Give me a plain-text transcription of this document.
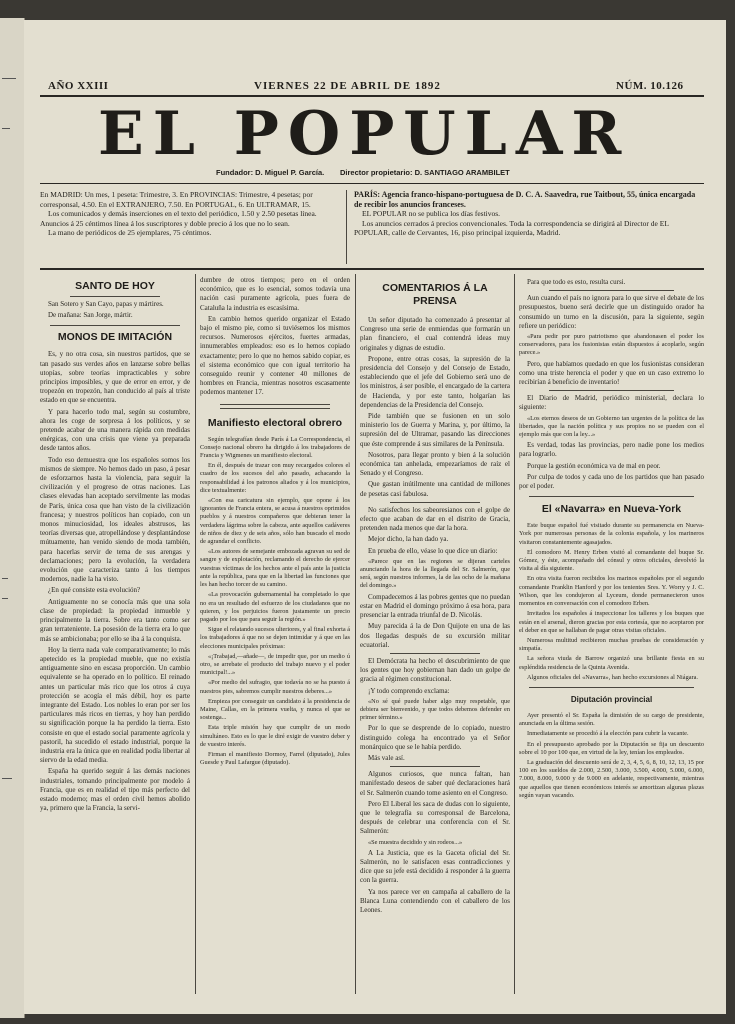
AÑO XXIII	VIERNES 22 DE ABRIL DE 1892	NÚM. 10.126
EL POPULAR
Fundador: D. Miguel P. García. Director propietario: D. SANTIAGO ARAMBILET

En MADRID: Un mes, 1 peseta: Trimestre, 3. En PROVINCIAS: Trimestre, 4 pesetas; por corresponsal, 4.50. En el EXTRANJERO, 7.50. En PORTUGAL, 6. En ULTRAMAR, 15.

Los comunicados y demás inserciones en el texto del periódico, 1.50 y 2.50 pesetas línea. Anuncios á 25 céntimos línea á los suscriptores y doble precio á los que no lo sean.

La mano de periódicos de 25 ejemplares, 75 céntimos.

PARÍS: Agencia franco-hispano-portuguesa de D. C. A. Saavedra, rue Taitbout, 55, única encargada de recibir los anuncios franceses.

EL POPULAR no se publica los días festivos.

Los anuncios cerrados á precios convencionales. Toda la correspondencia se dirigirá al Director de EL POPULAR, calle de Cervantes, 16, piso principal izquierda, Madrid.

SANTO DE HOY

San Sotero y San Cayo, papas y mártires.

De mañana: San Jorge, mártir.

MONOS DE IMITACIÓN

Es, y no otra cosa, sin nuestros partidos, que se tan pasado sus verdes años en lanzarse sobre bellas utopías, sobre teorías impracticables y sobre principios imposibles, y que de error en error, y de tropezón en tropezón, han conducido al país al triste estado en que se encuentra.

Y para hacerlo todo mal, según su costumbre, ahora les coge de sorpresa á los políticos, y se pretende acabar de una manera rápida con medidas enérgicas, con una crisis que viene ya preparada desde tantos años.

Todo eso demuestra que los españoles somos los mismos de siempre. No hemos dado un paso, á pesar de esforzarnos hasta la violencia, para seguir la civilización y el progreso de otras naciones. Las clases elevadas han aceptado servilmente las modas de París, única cosa que han visto de la civilización francesa; y nuestros políticos han copiado, con un monos minuciosidad, los ideales abstrusos, las teorías diversas que, atropellándose y desplantándose mútuamente, han venido siendo de moda también, para hacerlas servir de tema de sus arengas y declamaciones; pero la evolución, la verdadera evolución que caracteriza tanto á los tiempos modernos, nadie la ha visto.

¿En qué consiste esta evolución?

Antiguamente no se conocía más que una sola clase de propiedad: la propiedad inmueble y principalmente la tierra. Sobre era tanto como ser gran terrateniente. La posesión de la tierra era lo que más se ambicionaba; por ello se iba á la conquista.

Hoy la tierra nada vale comparativamente; lo más apetecido es la propiedad mueble, que no existía antiguamente sino en escasa proporción. Un cambio equivalente se ha operado en lo político. El reinado antes un particular más rico que los otros á cuya protección se acogía el más débil, hoy es parte integrante del Estado. Los nobles lo eran por ser los particulares más ricos en tierras, y hoy han perdido su significación porque la ha perdido la tierra. Esto consiste en que el estado social paramente agrícola y pastoril, ha sucedido el estado industrial, porque la industria era la única que en realidad podía libertar al siervo de la edad media.

España ha querido seguir á las demás naciones industriales, tomando principalmente por modelo á Francia, que es en realidad el tipo más perfecto del estado moderno; mas el orden civil hemos abolido ya, primero que la Francia, la servi-

dumbre de otros tiempos; pero en el orden económico, que es lo esencial, somos todavía una nación casi puramente agrícola, pues fuera de Cataluña la industria es escasísima.

En cambio hemos querido organizar el Estado bajo el mismo pie, como si tuviésemos los mismos recursos. Numerosos ejércitos, fuertes armadas, innumerables empleados: eso es lo hemos copiado exactamente; pero lo que no hemos sabido copiar, es el sistema económico que con igual territorio ha conseguido reunir y contener 40 millones de hombres en Francia, mientras nosotros escasamente podemos mantener 17.

Manifiesto electoral obrero

Según telegrafían desde París á La Correspondencia, el Consejo nacional obrero ha dirigido á los trabajadores de Francia y Wigmenes un manifiesto electoral.

En él, después de trazar con muy recargados colores el cuadro de los sucesos del año pasado, achacando la responsabilidad á los patronos aliados y á los municipios, dice textualmente:

«Con esa caricatura sin ejemplo, que opone á los ignorantes de Francia entera, se acusa á nuestros oprimidos pueblos y á nuestros compañeros que debieran tener la verdadera lágrima sobre la cabeza, ante aquellos cadáveres de niños de diez y de seis años, sólo han buscado el modo de agrandar el conflicto.

«Los autores de semejante embozada agravan su sed de sangre y de explotación, reclamando el derecho de ejercer vuestras víctimas de los hechos ante el país ante la justicia ante la república, para que en la libertad las funciones que les han hecho torcer de su camino.

«La provocación gubernamental ha completado lo que no era un resultado del esfuerzo de los ciudadanos que no quieren, y los perjuicios fueron justamente un precio pagado por los que para seguir la región.»

Sigue el relatando sucesos ulteriores, y al final exhorta á los trabajadores á que no se dejen intimidar y á que en las elecciones municipales próximas:

«¡Trabajad,—añade—, de impedir que, por un medio ú otro, se arrebate el producto del trabajo nuevo y el poder municipal!...»

«Por medio del sufragio, que todavía no se ha puesto á nuestros pies, sabremos cumplir nuestros deberes...»

Empieza por conseguir un candidato á la presidencia de Maine, Callas, en la primera vuelta, y nunca el que se sostenga...

Esta triple misión hay que cumplir de un modo simultáneo. Esto es lo que le diré exigir de vuestro deber y de vuestro interés.

Firman el manifiesto Dormoy, Farrel (diputado), Jules Guesde y Paul Lafargue (diputado).

COMENTARIOS Á LA PRENSA

Un señor diputado ha comenzado á presentar al Congreso una serie de enmiendas que formarán un plan financiero, el cual contendrá ideas muy originales y dignas de estudio.

Propone, entre otras cosas, la supresión de la presidencia del Consejo y del Consejo de Estado, estableciendo que el jefe del Gobierno será uno de los ministros, á ser posible, el encargado de la cartera de Hacienda, y por este tanto, holgarían las dependencias de la Presidencia del Consejo.

Pide también que se fusionen en un solo ministerio los de Guerra y Marina, y, por último, la supresión del de Ultramar, pasando las direcciones que éste comprende á sus similares de la Península.

Nosotros, para llegar pronto y bien á la solución económica tan anhelada, empezaríamos de raíz el Senado y el Congreso.

Que gastan inútilmente una cantidad de millones de pesetas casi fabulosa.

No satisfechos los sabeoresianos con el golpe de efecto que acaban de dar en el distrito de Gracia, pretenden nada menos que dar la hora.

Mejor dicho, la han dado ya.

En prueba de ello, véase lo que dice un diario:

«Parece que en las regiones se dijeran carteles anunciando la hora de la llegada del Sr. Salmerón, que será, según nuestros informes, la de las ocho de la mañana del domingo.»

Compadecemos á las pobres gentes que no puedan estar en Madrid el domingo próximo á esa hora, para presenciar la entrada triunfal de D. Nicolás.

Muy parecida á la de Don Quijote en una de las dos llegadas después de su excursión militar ecuatorial.

El Demócrata ha hecho el descubrimiento de que los gentes que hoy gobiernan han dado un golpe de gracia al régimen constitucional.

¡Y todo comprendo exclama:

«No sé qué puede haber algo muy respetable, que debiera ser bienvenido, y que todos debemos defender en primer término.»

Por lo que se desprende de lo copiado, nuestro distinguido colega ha encontrado ya el Señor monárquico que se le había perdido.

Más vale así.

Algunos curiosos, que nunca faltan, han manifestado deseos de saber qué declaraciones hará el Sr. Salmerón cuando tome asiento en el Congreso.

Pero El Liberal les saca de dudas con lo siguiente, que le telegrafía su corresponsal de Barcelona, después de celebrar una conferencia con el Sr. Salmerón:

«Se muestra decidido y sin rodeos...»

A La Justicia, que es la Gaceta oficial del Sr. Salmerón, no le satisfacen esas contradicciones y dice que su jefe está decidido á responder á la guerra con la guerra.

Ya nos parece ver en campaña al caballero de la Blanca Luna contendiendo con el caballero de los Leones.

Para que todo es esto, resulta cursi.

Aun cuando el país no ignora para lo que sirve el debate de los presupuestos, bueno será decirle que un distinguido orador ha consumido un turno en la discusión, para la siguiente, según refiere un periódico:

«Para pedir por puro patriotismo que abandonasen el poder los conservadores, para los fusionistas están dispuestos á acoplarlo, según parece.»

Pero, que habíamos quedado en que los fusionistas consideran como una triste herencia el poder y que en un caso extremo lo recibirían á beneficio de inventario!

El Diario de Madrid, periódico ministerial, declara lo siguiente:

«Los eternos deseos de un Gobierno tan urgentes de la política de las libertades, que la nación política y sus propios no se pueden con el ejemplo más que con la ley...»

Es verdad, todas las provincias, pero nadie pone los medios para lograrlo.

Porque la gestión económica va de mal en peor.

Por culpa de todos y cada uno de los partidos que han pasado por el poder.

El «Navarra» en Nueva-York

Este buque español fué visitado durante su permanencia en Nueva-York por numerosas personas de la colonia española, y los marineros visitaron constantemente agasajados.

El comodoro M. Henry Erben visitó al comandante del buque Sr. Gómez, y éste, acompañado del cónsul y otros oficiales, devolvió la visita al día siguiente.

En otra visita fueron recibidos los marinos españoles por el segundo comandante Franklin Hanford y por los tenientes Sres. Y. Worry y J. C. Wilson, que les condujeron al Lyceum, donde permanecieron unos momentos en conversación con el comodoro Erben.

Invitados los españoles á inspeccionar los talleres y los buques que están en el arsenal, dieron gracias por esta cortesía, que no aceptaron por el deber en que se hallaban de pagar otras visitas oficiales.

Numerosa multitud recibieron muchas pruebas de consideración y simpatía.

La señora viuda de Barrow organizó una brillante fiesta en su espléndida residencia de la Quinta Avenida.

Algunos oficiales del «Navarra», han hecho excursiones al Niágara.

Diputación provincial

Ayer presentó el Sr. España la dimisión de su cargo de presidente, anunciada en la última sesión.

Inmediatamente se procedió á la elección para cubrir la vacante.

En el presupuesto aprobado por la Diputación se fija un descuento sobre el 10 por 100 que, en virtud de la ley, tenían los empleados.

La graduación del descuento será de 2, 3, 4, 5, 6, 8, 10, 12, 13, 15 por 100 en los sueldos de 2.000, 2.500, 3.000, 3.500, 4.000, 5.000, 6.000, 7.000, 8.000, 9.000 y de 9.000 en adelante, respectivamente, mientras que aquellos que tienen económicos interés se amortizan algunas plazas según vayan vacando.
